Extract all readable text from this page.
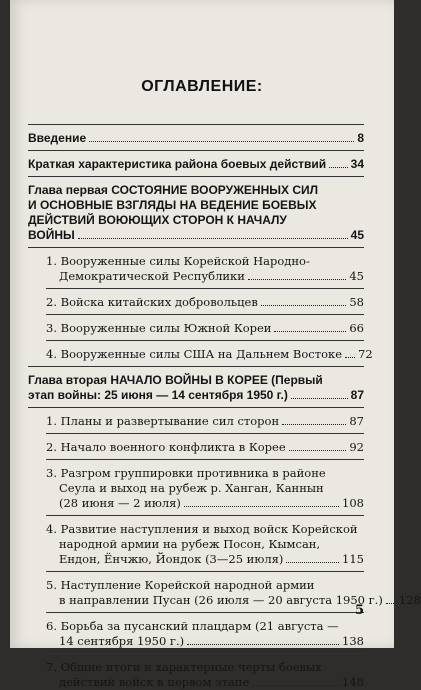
ОГЛАВЛЕНИЕ:
Введение	8
Краткая характеристика района боевых действий 34
Глава первая СОСТОЯНИЕ ВООРУЖЕННЫХ СИЛ
И ОСНОВНЫЕ ВЗГЛЯДЫ НА ВЕДЕНИЕ БОЕВЫХ
ДЕЙСТВИЙ ВОЮЮЩИХ СТОРОН К НАЧАЛУ
ВОЙНЫ	45
1. Вооруженные силы Корейской Народно-
Демократической Республики	45
2. Войска китайских добровольцев	58
3. Вооруженные силы Южной Кореи	66
4. Вооруженные силы США на Дальнем Востоке 72
Глава вторая НАЧАЛО ВОЙНЫ В КОРЕЕ (Первый
этап войны: 25 июня — 14 сентября 1950 г.)	87
1. Планы и развертывание сил сторон	87
2. Начало военного конфликта в Корее	92
3. Разгром группировки противника в районе
Сеула и выход на рубеж р. Ханган, Каннын
(28 июня — 2 июля)	108
4. Развитие наступления и выход войск Корейской
народной армии на рубеж Посон, Кымсан,
Ендон, Ёнчжю, Йондок (3—25 июля)	115
5. Наступление Корейской народной армии
в направлении Пусан (26 июля — 20 августа 1950 г.) 128
6. Борьба за пусанский плацдарм (21 августа —
14 сентября 1950 г.)	138
7. Общие итоги и характерные черты боевых
действий войск в первом этапе	148
5
